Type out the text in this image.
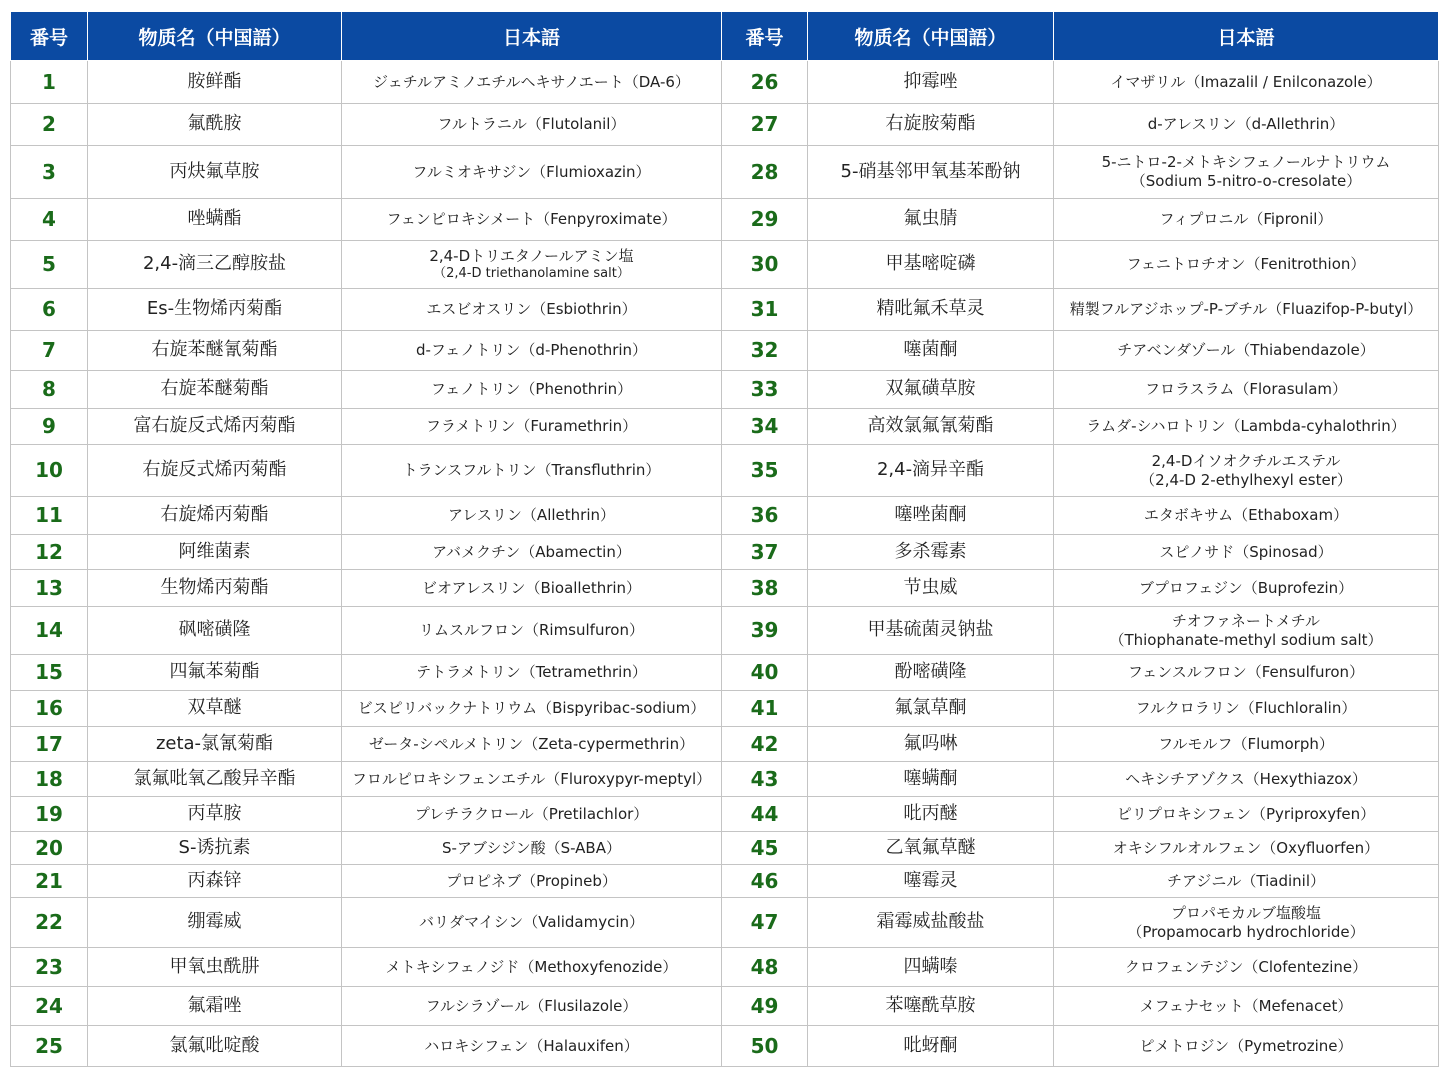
番号	物质名（中国語）	日本語	番号	物质名（中国語）	日本語
1	胺鲜酯	ジェチルアミノエチルヘキサノエート（DA-6）	26	抑霉唑	イマザリル（Imazalil / Enilconazole）

2	氟酰胺	フルトラニル（Flutolanil）	27	右旋胺菊酯	d-アレスリン（d-Allethrin）

3	丙炔氟草胺	フルミオキサジン（Flumioxazin）	28	5-硝基邻甲氧基苯酚钠	5-ニトロ-2-メトキシフェノールナトリウム
（Sodium 5-nitro-o-cresolate）

4	唑螨酯	フェンピロキシメート（Fenpyroximate）	29	氟虫腈	フィプロニル（Fipronil）

5	2,4-滴三乙醇胺盐	2,4-Dトリエタノールアミン塩
（2,4-D triethanolamine salt）	30	甲基嘧啶磷	フェニトロチオン（Fenitrothion）

6	Es-生物烯丙菊酯	エスビオスリン（Esbiothrin）	31	精吡氟禾草灵	精製フルアジホップ-P-ブチル（Fluazifop-P-butyl）

7	右旋苯醚氰菊酯	d-フェノトリン（d-Phenothrin）	32	噻菌酮	チアベンダゾール（Thiabendazole）

8	右旋苯醚菊酯	フェノトリン（Phenothrin）	33	双氟磺草胺	フロラスラム（Florasulam）

9	富右旋反式烯丙菊酯	フラメトリン（Furamethrin）	34	高效氯氟氰菊酯	ラムダ-シハロトリン（Lambda-cyhalothrin）

10	右旋反式烯丙菊酯	トランスフルトリン（Transfluthrin）	35	2,4-滴异辛酯	2,4-Dイソオクチルエステル
（2,4-D 2-ethylhexyl ester）

11	右旋烯丙菊酯	アレスリン（Allethrin）	36	噻唑菌酮	エタボキサム（Ethaboxam）

12	阿维菌素	アバメクチン（Abamectin）	37	多杀霉素	スピノサド（Spinosad）

13	生物烯丙菊酯	ビオアレスリン（Bioallethrin）	38	节虫威	ブプロフェジン（Buprofezin）

14	砜嘧磺隆	リムスルフロン（Rimsulfuron）	39	甲基硫菌灵钠盐	チオファネートメチル
（Thiophanate-methyl sodium salt）

15	四氟苯菊酯	テトラメトリン（Tetramethrin）	40	酚嘧磺隆	フェンスルフロン（Fensulfuron）

16	双草醚	ビスピリバックナトリウム（Bispyribac-sodium）	41	氟氯草酮	フルクロラリン（Fluchloralin）

17	zeta-氯氰菊酯	ゼータ-シペルメトリン（Zeta-cypermethrin）	42	氟吗啉	フルモルフ（Flumorph）

18	氯氟吡氧乙酸异辛酯	フロルピロキシフェンエチル（Fluroxypyr-meptyl）	43	噻螨酮	ヘキシチアゾクス（Hexythiazox）

19	丙草胺	プレチラクロール（Pretilachlor）	44	吡丙醚	ピリプロキシフェン（Pyriproxyfen）

20	S-诱抗素	S-アブシジン酸（S-ABA）	45	乙氧氟草醚	オキシフルオルフェン（Oxyfluorfen）

21	丙森锌	プロピネブ（Propineb）	46	噻霉灵	チアジニル（Tiadinil）

22	绷霉威	バリダマイシン（Validamycin）	47	霜霉威盐酸盐	プロパモカルブ塩酸塩
（Propamocarb hydrochloride）

23	甲氧虫酰肼	メトキシフェノジド（Methoxyfenozide）	48	四螨嗪	クロフェンテジン（Clofentezine）

24	氟霜唑	フルシラゾール（Flusilazole）	49	苯噻酰草胺	メフェナセット（Mefenacet）

25	氯氟吡啶酸	ハロキシフェン（Halauxifen）	50	吡蚜酮	ピメトロジン（Pymetrozine）
